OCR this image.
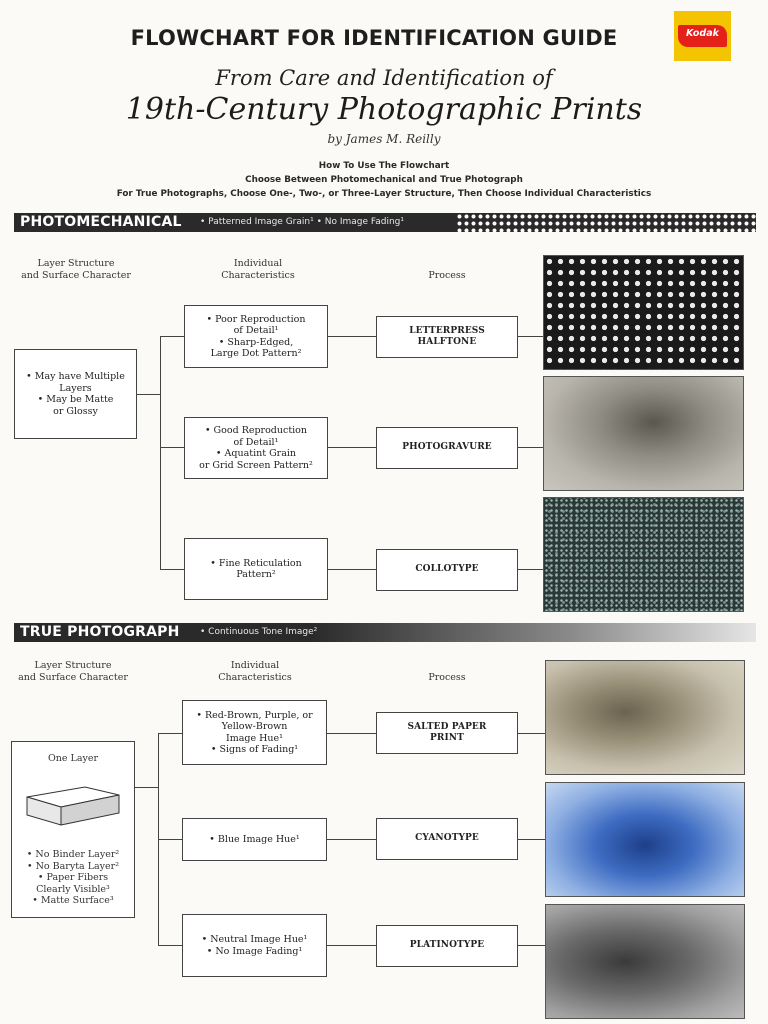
FLOWCHART FOR IDENTIFICATION GUIDE	Kodak
From Care and Identification of
19th-Century Photographic Prints
by James M. Reilly
How To Use The Flowchart
Choose Between Photomechanical and True Photograph
For True Photographs, Choose One-, Two-, or Three-Layer Structure, Then Choose Individual Characteristics
PHOTOMECHANICAL • Patterned Image Grain¹ • No Image Fading¹
Layer Structure
and Surface Character
Individual
Characteristics	Process
• May have Multiple
Layers
• May be Matte
or Glossy
• Poor Reproduction
of Detail¹
• Sharp-Edged,
Large Dot Pattern²
• Good Reproduction
of Detail¹
• Aquatint Grain
or Grid Screen Pattern²
• Fine Reticulation
Pattern²
LETTERPRESS
HALFTONE
PHOTOGRAVURE
COLLOTYPE
TRUE PHOTOGRAPH • Continuous Tone Image²
Layer Structure
and Surface Character
Individual
Characteristics	Process
One Layer
• No Binder Layer²
• No Baryta Layer²
• Paper Fibers
Clearly Visible³
• Matte Surface³
• Red-Brown, Purple, or
Yellow-Brown
Image Hue¹
• Signs of Fading¹
• Blue Image Hue¹
• Neutral Image Hue¹
• No Image Fading¹
SALTED PAPER
PRINT
CYANOTYPE
PLATINOTYPE
